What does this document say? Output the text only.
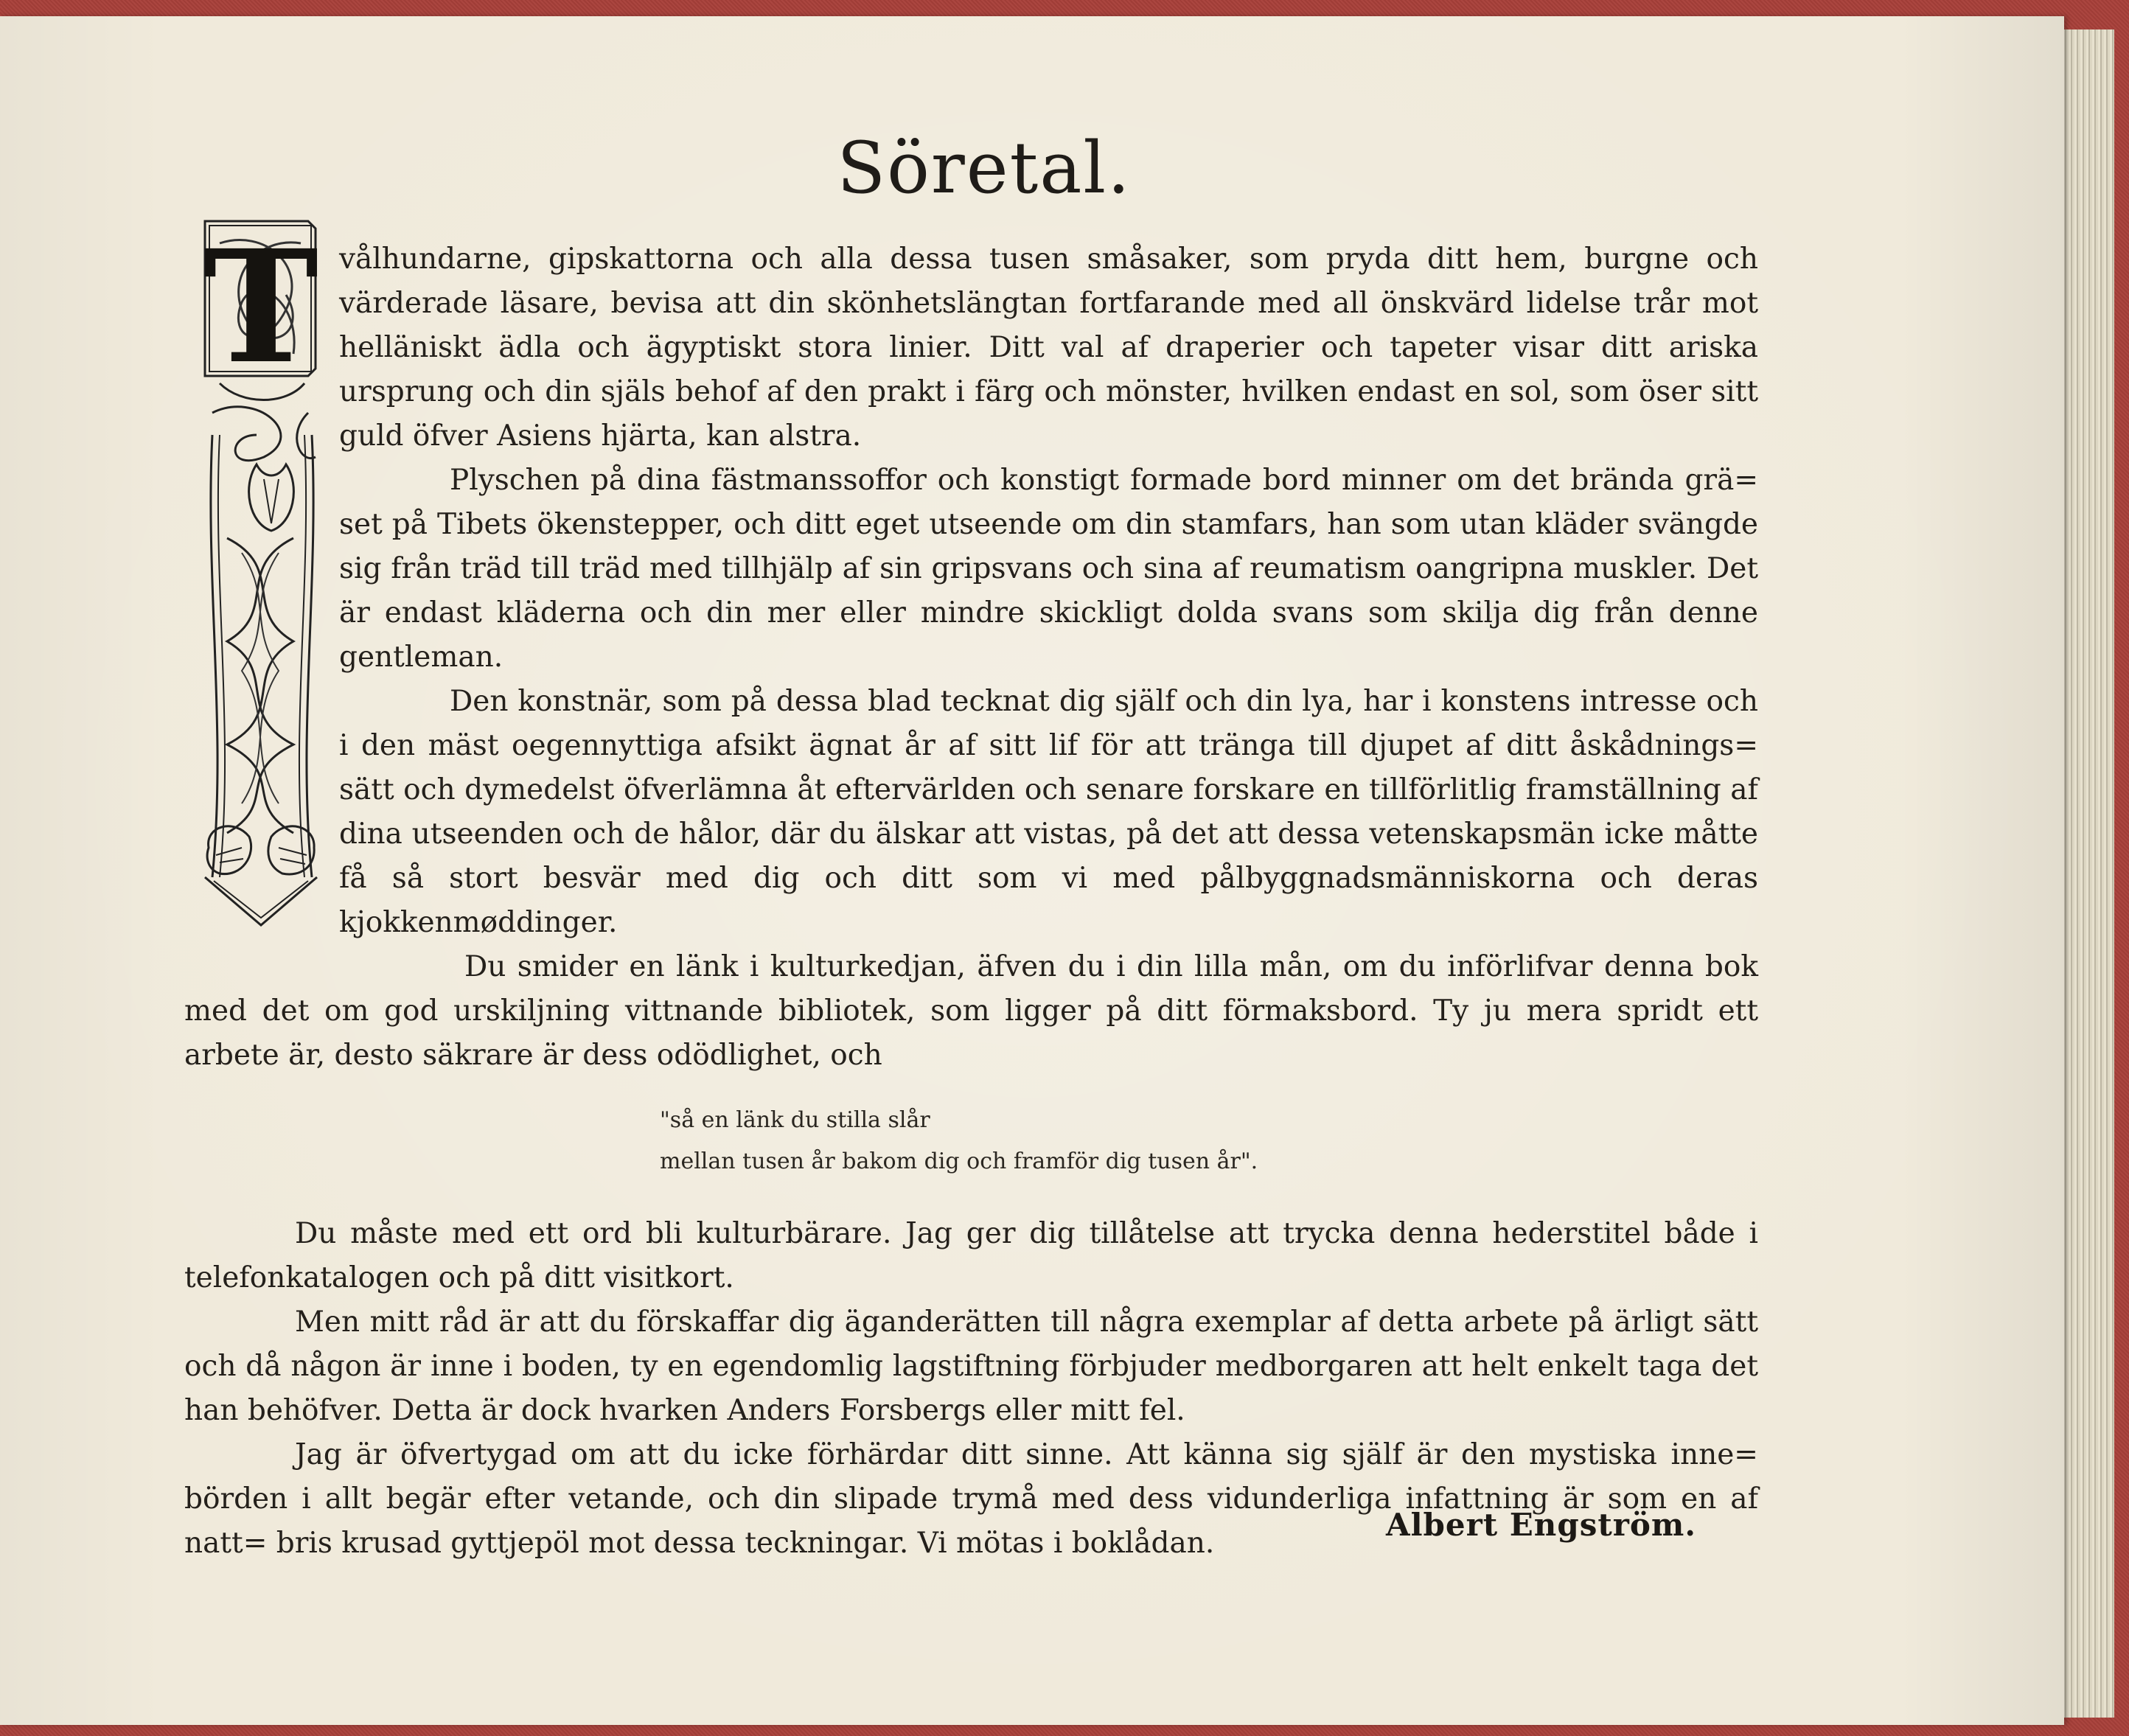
Söretal.
T vålhundarne, gipskattorna och alla dessa tusen småsaker, som pryda ditt hem, burgne och värderade läsare, bevisa att din skönhetslängtan fortfarande med all önskvärd lidelse trår mot helläniskt ädla och ägyptiskt stora linier. Ditt val af draperier och tapeter visar ditt ariska ursprung och din själs behof af den prakt i färg och mönster, hvilken endast en sol, som öser sitt guld öfver Asiens hjärta, kan alstra.

Plyschen på dina fästmanssoffor och konstigt formade bord minner om det brända grä= set på Tibets ökenstepper, och ditt eget utseende om din stamfars, han som utan kläder svängde sig från träd till träd med tillhjälp af sin gripsvans och sina af reumatism oangripna muskler. Det är endast kläderna och din mer eller mindre skickligt dolda svans som skilja dig från denne gentleman.

Den konstnär, som på dessa blad tecknat dig själf och din lya, har i konstens intresse och i den mäst oegennyttiga afsikt ägnat år af sitt lif för att tränga till djupet af ditt åskådnings= sätt och dymedelst öfverlämna åt eftervärlden och senare forskare en tillförlitlig framställning af dina utseenden och de hålor, där du älskar att vistas, på det att dessa vetenskapsmän icke måtte få så stort besvär med dig och ditt som vi med pålbyggnadsmänniskorna och deras kjokkenmøddinger.

Du smider en länk i kulturkedjan, äfven du i din lilla mån, om du införlifvar denna bok med det om god urskiljning vittnande bibliotek, som ligger på ditt förmaksbord. Ty ju mera spridt ett arbete är, desto säkrare är dess odödlighet, och

"så en länk du stilla slår
mellan tusen år bakom dig och framför dig tusen år".

Du måste med ett ord bli kulturbärare. Jag ger dig tillåtelse att trycka denna hederstitel både i telefonkatalogen och på ditt visitkort.

Men mitt råd är att du förskaffar dig äganderätten till några exemplar af detta arbete på ärligt sätt och då någon är inne i boden, ty en egendomlig lagstiftning förbjuder medborgaren att helt enkelt taga det han behöfver. Detta är dock hvarken Anders Forsbergs eller mitt fel.

Jag är öfvertygad om att du icke förhärdar ditt sinne. Att känna sig själf är den mystiska inne= börden i allt begär efter vetande, och din slipade trymå med dess vidunderliga infattning är som en af natt= bris krusad gyttjepöl mot dessa teckningar. Vi mötas i boklådan.

Albert Engström.
